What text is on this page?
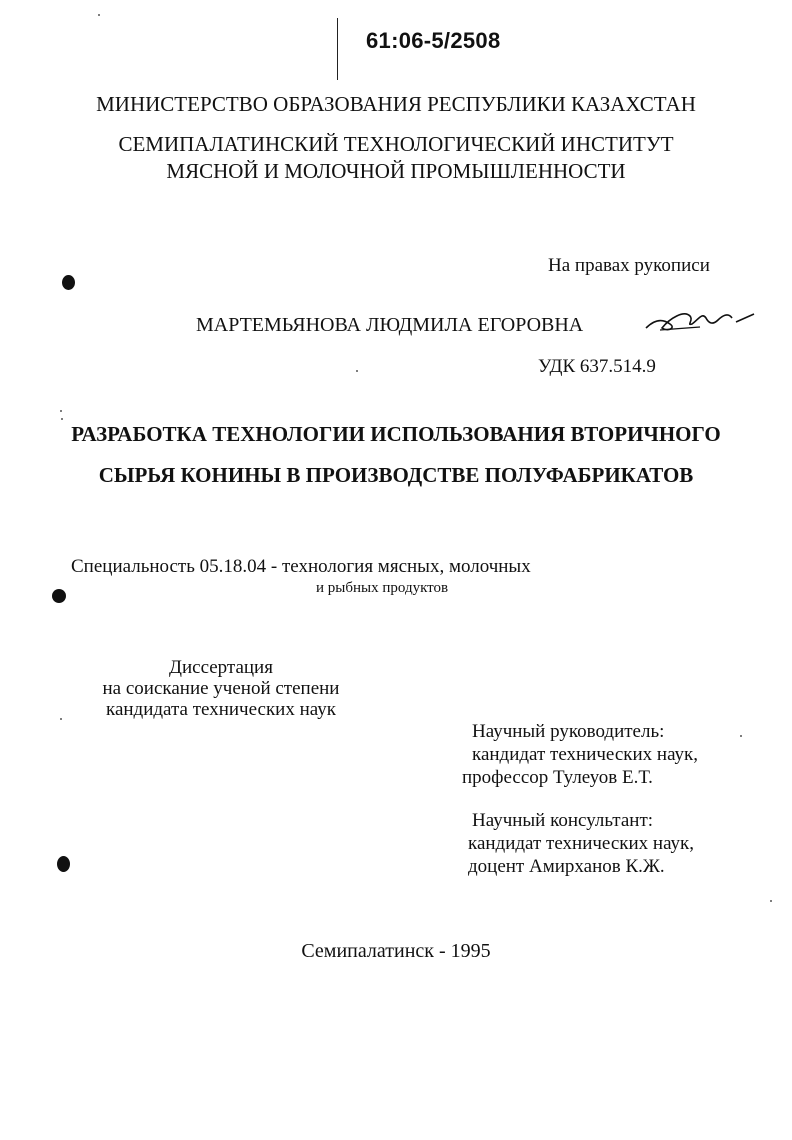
61:06-5/2508
МИНИСТЕРСТВО ОБРАЗОВАНИЯ РЕСПУБЛИКИ КАЗАХСТАН
СЕМИПАЛАТИНСКИЙ ТЕХНОЛОГИЧЕСКИЙ ИНСТИТУТ
МЯСНОЙ И МОЛОЧНОЙ ПРОМЫШЛЕННОСТИ
На правах рукописи
МАРТЕМЬЯНОВА ЛЮДМИЛА ЕГОРОВНА
УДК 637.514.9
РАЗРАБОТКА ТЕХНОЛОГИИ ИСПОЛЬЗОВАНИЯ ВТОРИЧНОГО
СЫРЬЯ КОНИНЫ В ПРОИЗВОДСТВЕ ПОЛУФАБРИКАТОВ
Специальность 05.18.04 - технология мясных, молочных
и рыбных продуктов
Диссертация
на соискание ученой степени
кандидата технических наук
Научный руководитель:
кандидат технических наук,
профессор Тулеуов Е.Т.
Научный консультант:
кандидат технических наук,
доцент Амирханов К.Ж.
Семипалатинск - 1995
